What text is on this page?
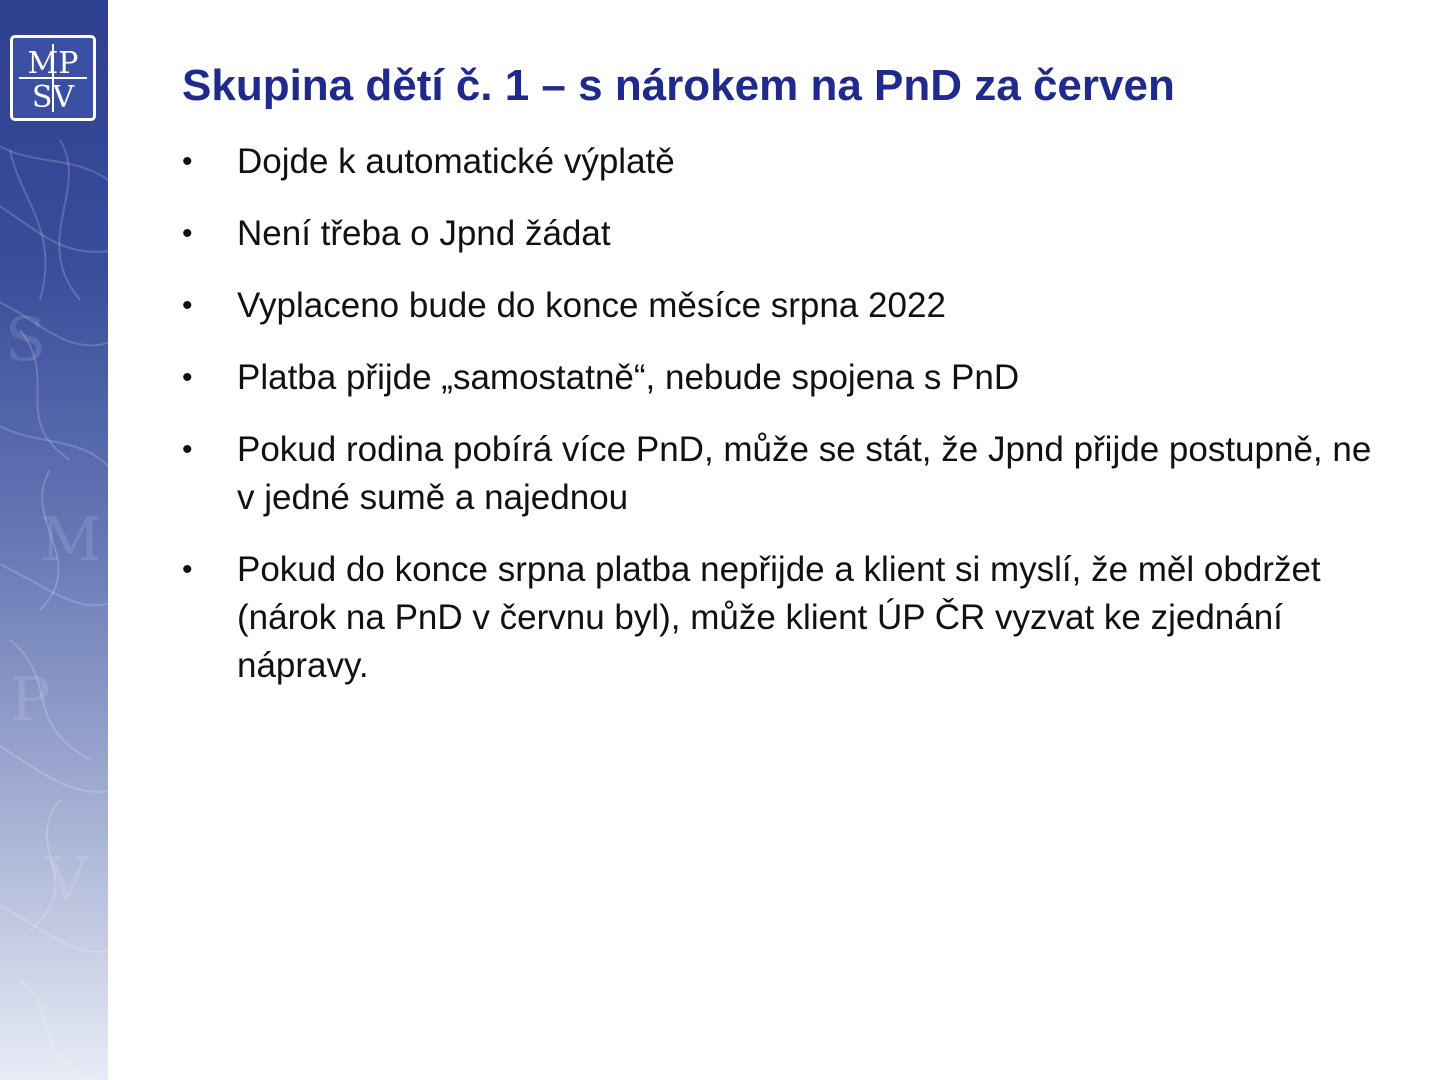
S
M
P
V
MP
SV Skupina dětí č. 1 – s nárokem na PnD za červen
•	Dojde k automatické výplatě
•	Není třeba o Jpnd žádat
•	Vyplaceno bude do konce měsíce srpna 2022
•	Platba přijde „samostatně“, nebude spojena s PnD
•	Pokud rodina pobírá více PnD, může se stát, že Jpnd přijde postupně, ne v jedné sumě a najednou
•	Pokud do konce srpna platba nepřijde a klient si myslí, že měl obdržet (nárok na PnD v červnu byl), může klient ÚP ČR vyzvat ke zjednání nápravy.
